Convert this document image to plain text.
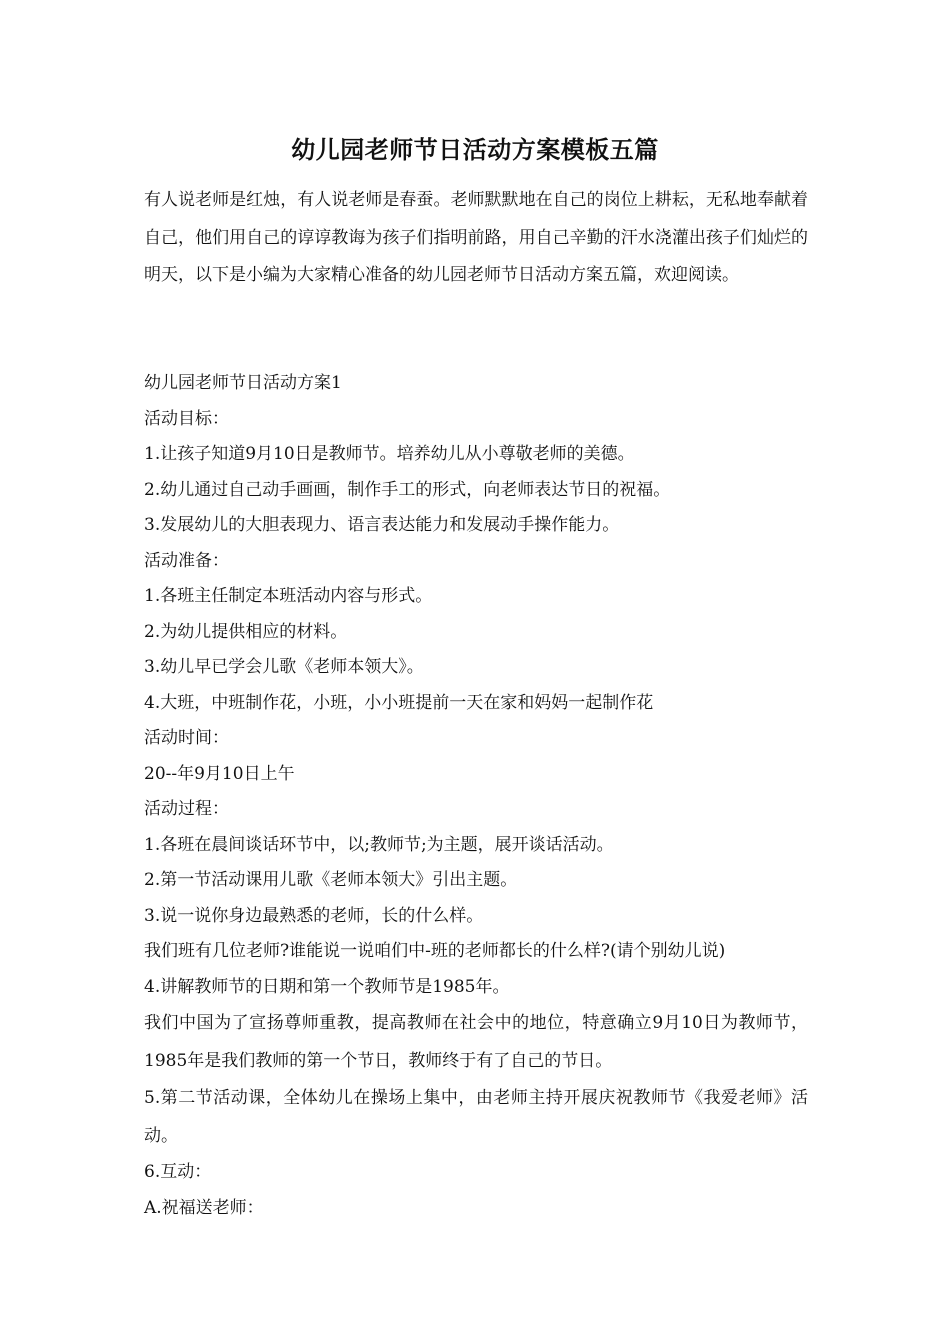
幼儿园老师节日活动方案模板五篇

有人说老师是红烛，有人说老师是春蚕。老师默默地在自己的岗位上耕耘，无私地奉献着自己，他们用自己的谆谆教诲为孩子们指明前路，用自己辛勤的汗水浇灌出孩子们灿烂的明天，以下是小编为大家精心准备的幼儿园老师节日活动方案五篇，欢迎阅读。

幼儿园老师节日活动方案1
活动目标：
1.让孩子知道9月10日是教师节。培养幼儿从小尊敬老师的美德。
2.幼儿通过自己动手画画，制作手工的形式，向老师表达节日的祝福。
3.发展幼儿的大胆表现力、语言表达能力和发展动手操作能力。
活动准备：
1.各班主任制定本班活动内容与形式。
2.为幼儿提供相应的材料。
3.幼儿早已学会儿歌《老师本领大》。
4.大班，中班制作花，小班，小小班提前一天在家和妈妈一起制作花
活动时间：
20--年9月10日上午
活动过程：
1.各班在晨间谈话环节中，以;教师节;为主题，展开谈话活动。
2.第一节活动课用儿歌《老师本领大》引出主题。
3.说一说你身边最熟悉的老师，长的什么样。
我们班有几位老师?谁能说一说咱们中-班的老师都长的什么样?(请个别幼儿说)
4.讲解教师节的日期和第一个教师节是1985年。
我们中国为了宣扬尊师重教，提高教师在社会中的地位，特意确立9月10日为教师节，1985年是我们教师的第一个节日，教师终于有了自己的节日。
5.第二节活动课，全体幼儿在操场上集中，由老师主持开展庆祝教师节《我爱老师》活动。
6.互动：
A.祝福送老师：
